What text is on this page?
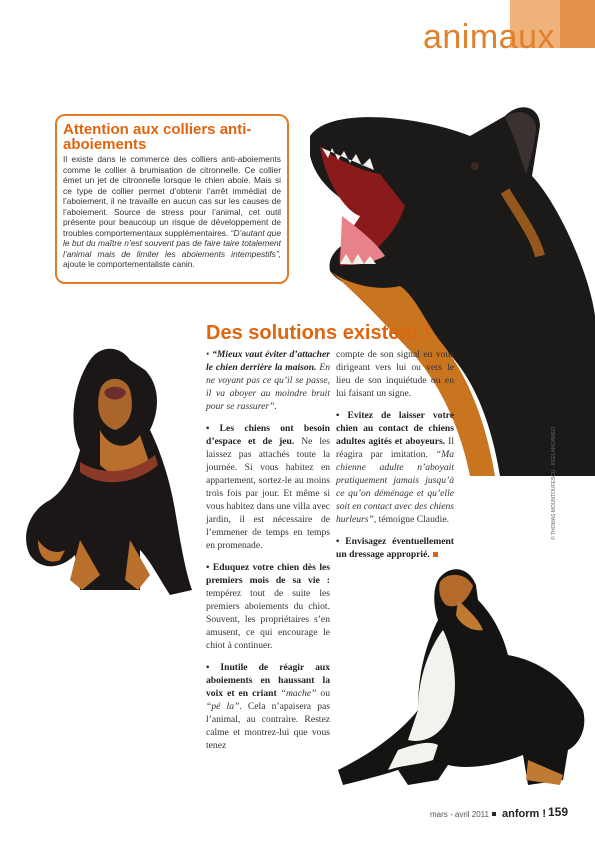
animaux
Attention aux colliers anti-aboiements

Il existe dans le commerce des colliers anti-aboiements comme le collier à brumisation de citronnelle. Ce collier émet un jet de citronnelle lorsque le chien aboie. Mais si ce type de collier permet d’obtenir l’arrêt immédiat de l’aboiement, il ne travaille en aucun cas sur les causes de l’aboiement. Source de stress pour l’animal, cet outil présente pour beaucoup un risque de développement de troubles comportementaux supplémentaires. “D’autant que le but du maître n’est souvent pas de faire taire totalement l’animal mais de limiter les aboiements intempestifs”, ajoute le comportementaliste canin.

Des solutions existent !

• “Mieux vaut éviter d’attacher le chien derrière la maison. En ne voyant pas ce qu’il se passe, il va aboyer au moindre bruit pour se rassurer”.

• Les chiens ont besoin d’espace et de jeu. Ne les laissez pas attachés toute la journée. Si vous habitez en appartement, sortez-le au moins trois fois par jour. Et même si vous habitez dans une villa avec jardin, il est nécessaire de l’emmener de temps en temps en promenade.

• Eduquez votre chien dès les premiers mois de sa vie : tempérez tout de suite les premiers aboiements du chiot. Souvent, les propriétaires s’en amusent, ce qui encourage le chiot à continuer.

• Inutile de réagir aux aboiements en haussant la voix et en criant “mache” ou “pé la”. Cela n’apaisera pas l’animal, au contraire. Restez calme et montrez-lui que vous tenez

compte de son signal en vous dirigeant vers lui ou vers le lieu de son inquiétude ou en lui faisant un signe.

• Evitez de laisser votre chien au contact de chiens adultes agités et aboyeurs. Il réagira par imitation. “Ma chienne adulte n’aboyait pratiquement jamais jusqu’à ce qu’on déménage et qu’elle soit en contact avec des chiens hurleurs”, témoigne Claudie.

• Envisagez éventuellement un dressage approprié.

© THOMAS MOUNTOUFESCU - KEELANGAMEO
mars - avril 2011 anform ! 159
